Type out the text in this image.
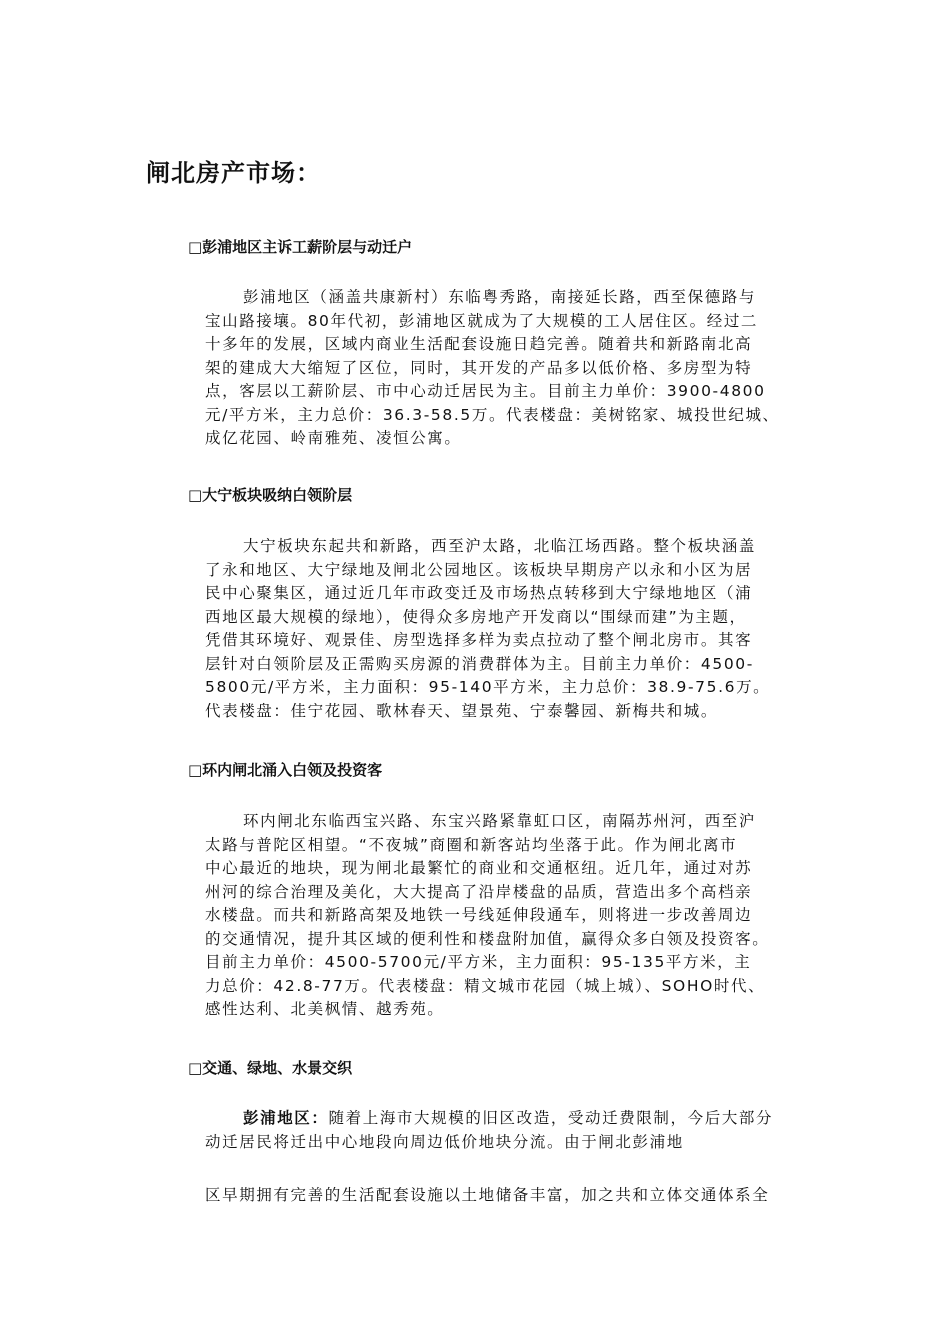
闸北房产市场：
□彭浦地区主诉工薪阶层与动迁户
彭浦地区（涵盖共康新村）东临粤秀路，南接延长路，西至保德路与
宝山路接壤。80年代初，彭浦地区就成为了大规模的工人居住区。经过二
十多年的发展，区域内商业生活配套设施日趋完善。随着共和新路南北高
架的建成大大缩短了区位，同时，其开发的产品多以低价格、多房型为特
点，客层以工薪阶层、市中心动迁居民为主。目前主力单价：3900-4800
元/平方米，主力总价：36.3-58.5万。代表楼盘：美树铭家、城投世纪城、
成亿花园、岭南雅苑、凌恒公寓。
□大宁板块吸纳白领阶层
大宁板块东起共和新路，西至沪太路，北临江场西路。整个板块涵盖
了永和地区、大宁绿地及闸北公园地区。该板块早期房产以永和小区为居
民中心聚集区，通过近几年市政变迁及市场热点转移到大宁绿地地区（浦
西地区最大规模的绿地），使得众多房地产开发商以“围绿而建”为主题，
凭借其环境好、观景佳、房型选择多样为卖点拉动了整个闸北房市。其客
层针对白领阶层及正需购买房源的消费群体为主。目前主力单价：4500-
5800元/平方米，主力面积：95-140平方米，主力总价：38.9-75.6万。
代表楼盘：佳宁花园、歌林春天、望景苑、宁泰馨园、新梅共和城。
□环内闸北涌入白领及投资客
环内闸北东临西宝兴路、东宝兴路紧靠虹口区，南隔苏州河，西至沪
太路与普陀区相望。“不夜城”商圈和新客站均坐落于此。作为闸北离市
中心最近的地块，现为闸北最繁忙的商业和交通枢纽。近几年，通过对苏
州河的综合治理及美化，大大提高了沿岸楼盘的品质，营造出多个高档亲
水楼盘。而共和新路高架及地铁一号线延伸段通车，则将进一步改善周边
的交通情况，提升其区域的便利性和楼盘附加值，赢得众多白领及投资客。
目前主力单价：4500-5700元/平方米，主力面积：95-135平方米，主
力总价：42.8-77万。代表楼盘：精文城市花园（城上城）、SOHO时代、
感性达利、北美枫情、越秀苑。
□交通、绿地、水景交织
彭浦地区：随着上海市大规模的旧区改造，受动迁费限制，今后大部分
动迁居民将迁出中心地段向周边低价地块分流。由于闸北彭浦地
区早期拥有完善的生活配套设施以土地储备丰富，加之共和立体交通体系全
